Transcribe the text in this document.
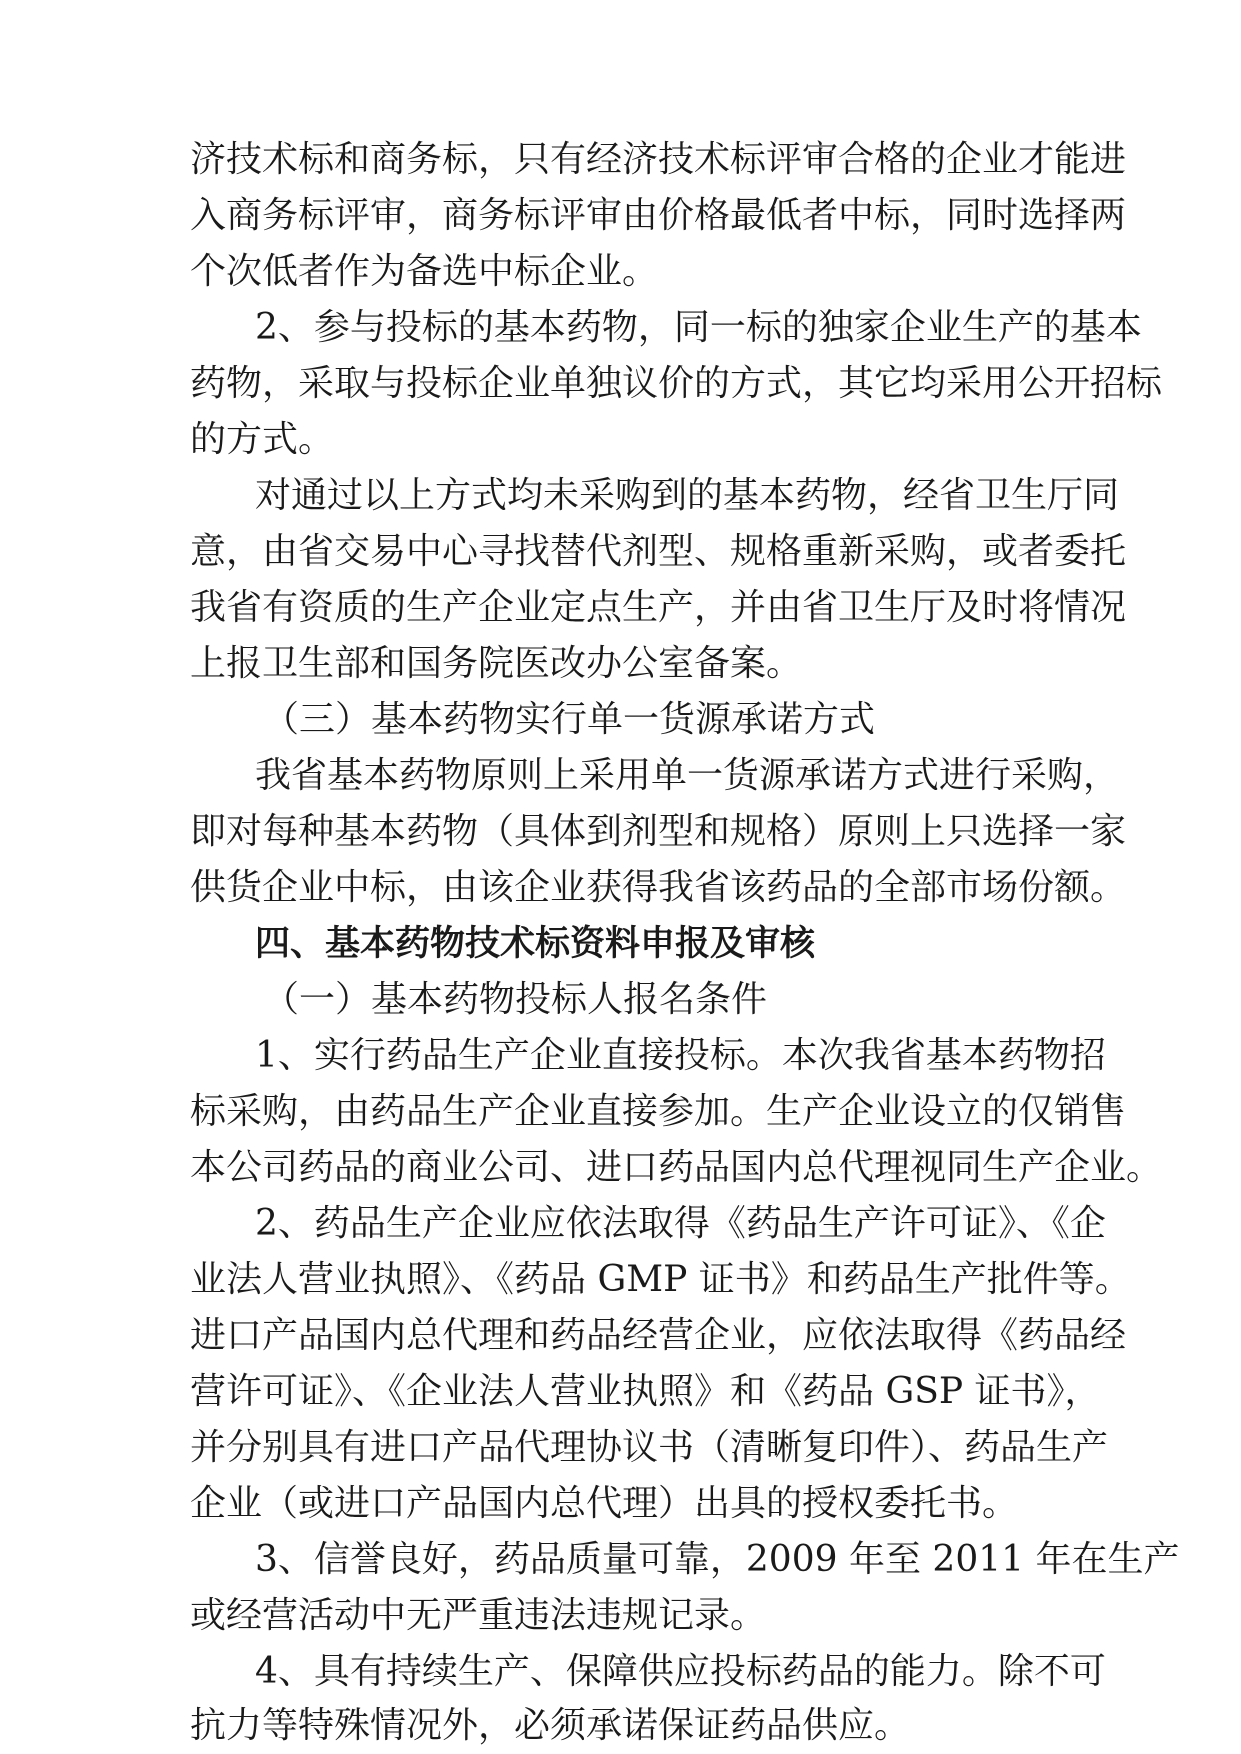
济技术标和商务标，只有经济技术标评审合格的企业才能进
入商务标评审，商务标评审由价格最低者中标，同时选择两
个次低者作为备选中标企业。
2、参与投标的基本药物，同一标的独家企业生产的基本
药物，采取与投标企业单独议价的方式，其它均采用公开招标
的方式。
对通过以上方式均未采购到的基本药物，经省卫生厅同
意，由省交易中心寻找替代剂型、规格重新采购，或者委托
我省有资质的生产企业定点生产，并由省卫生厅及时将情况
上报卫生部和国务院医改办公室备案。
（三）基本药物实行单一货源承诺方式
我省基本药物原则上采用单一货源承诺方式进行采购，
即对每种基本药物（具体到剂型和规格）原则上只选择一家
供货企业中标，由该企业获得我省该药品的全部市场份额。
四、基本药物技术标资料申报及审核
（一）基本药物投标人报名条件
1、实行药品生产企业直接投标。本次我省基本药物招
标采购，由药品生产企业直接参加。生产企业设立的仅销售
本公司药品的商业公司、进口药品国内总代理视同生产企业。
2、药品生产企业应依法取得《药品生产许可证》、《企
业法人营业执照》、《药品 GMP 证书》和药品生产批件等。
进口产品国内总代理和药品经营企业，应依法取得《药品经
营许可证》、《企业法人营业执照》和《药品 GSP 证书》，
并分别具有进口产品代理协议书（清晰复印件）、药品生产
企业（或进口产品国内总代理）出具的授权委托书。
3、信誉良好，药品质量可靠，2009 年至 2011 年在生产
或经营活动中无严重违法违规记录。
4、具有持续生产、保障供应投标药品的能力。除不可
抗力等特殊情况外，必须承诺保证药品供应。
